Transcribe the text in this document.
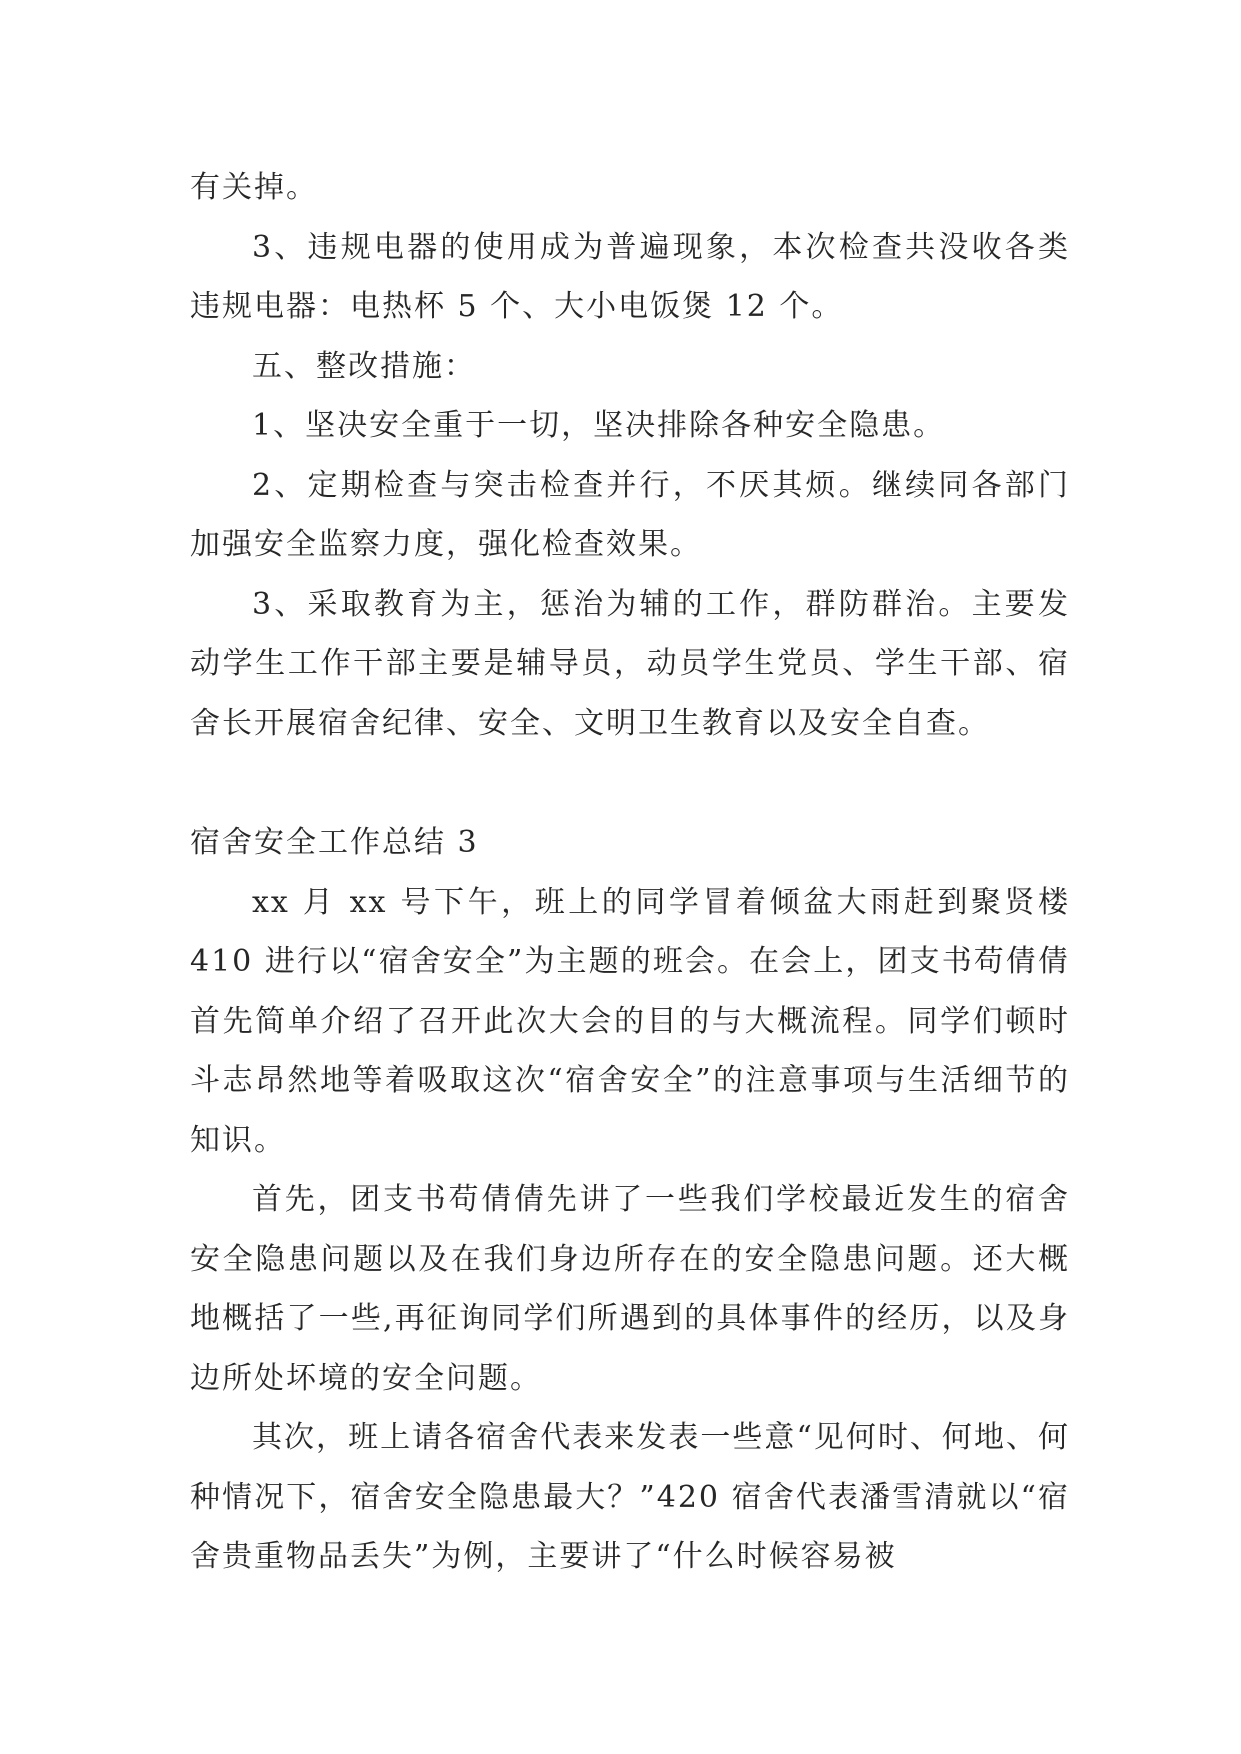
有关掉。

3、违规电器的使用成为普遍现象，本次检查共没收各类违规电器：电热杯 5 个、大小电饭煲 12 个。

五、整改措施：

1、坚决安全重于一切，坚决排除各种安全隐患。

2、定期检查与突击检查并行，不厌其烦。继续同各部门加强安全监察力度，强化检查效果。

3、采取教育为主，惩治为辅的工作，群防群治。主要发动学生工作干部主要是辅导员，动员学生党员、学生干部、宿舍长开展宿舍纪律、安全、文明卫生教育以及安全自查。

宿舍安全工作总结 3

xx 月 xx 号下午，班上的同学冒着倾盆大雨赶到聚贤楼 410 进行以“宿舍安全”为主题的班会。在会上，团支书苟倩倩首先简单介绍了召开此次大会的目的与大概流程。同学们顿时斗志昂然地等着吸取这次“宿舍安全”的注意事项与生活细节的知识。

首先，团支书苟倩倩先讲了一些我们学校最近发生的宿舍安全隐患问题以及在我们身边所存在的安全隐患问题。还大概地概括了一些,再征询同学们所遇到的具体事件的经历，以及身边所处坏境的安全问题。

其次，班上请各宿舍代表来发表一些意“见何时、何地、何种情况下，宿舍安全隐患最大？”420 宿舍代表潘雪清就以“宿舍贵重物品丢失”为例，主要讲了“什么时候容易被
